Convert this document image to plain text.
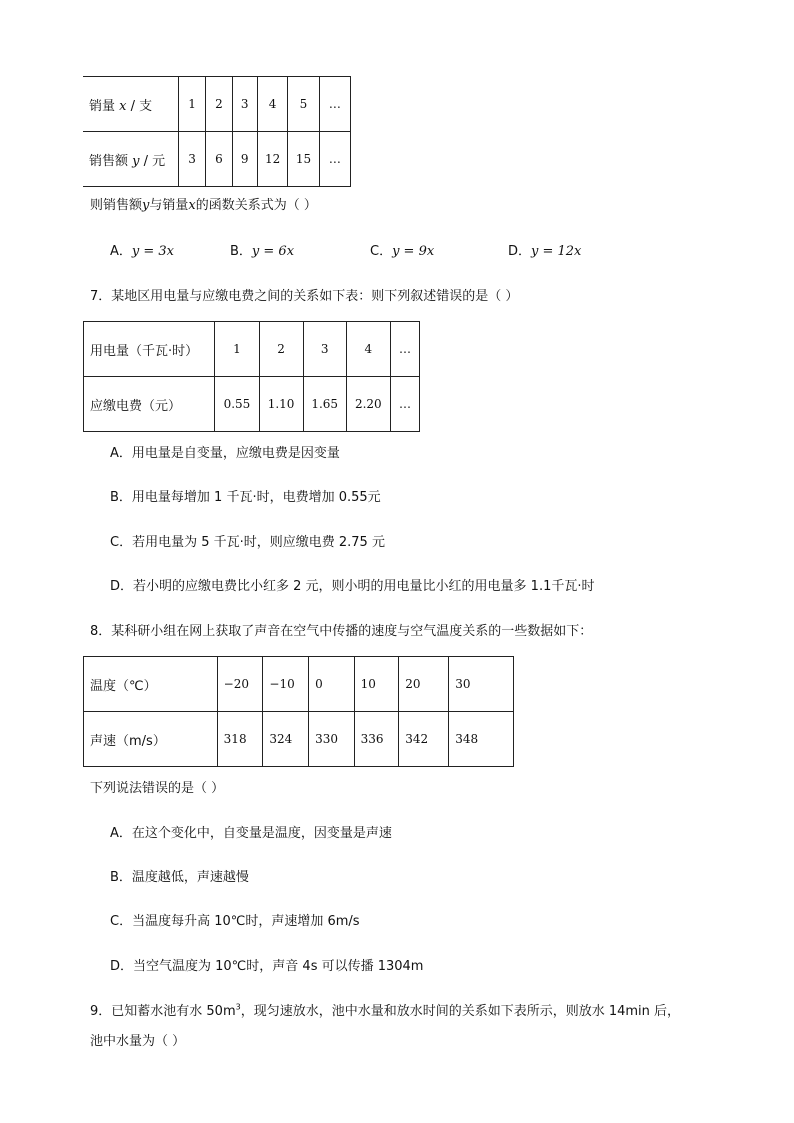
销量 x / 支	1	2	3	4	5	…
销售额 y / 元	3	6	9	12	15	…
则销售额y与销量x的函数关系式为（ ）
A．y = 3x	B．y = 6x	C．y = 9x	D．y = 12x
7．某地区用电量与应缴电费之间的关系如下表：则下列叙述错误的是（ ）
用电量（千瓦·时）	1	2	3	4	…
应缴电费（元）	0.55	1.10	1.65	2.20	…
A．用电量是自变量，应缴电费是因变量
B．用电量每增加 1 千瓦·时，电费增加 0.55元
C．若用电量为 5 千瓦·时，则应缴电费 2.75 元
D．若小明的应缴电费比小红多 2 元，则小明的用电量比小红的用电量多 1.1千瓦·时
8．某科研小组在网上获取了声音在空气中传播的速度与空气温度关系的一些数据如下：
温度（℃）	−20	−10	0	10	20	30
声速（m/s）	318	324	330	336	342	348
下列说法错误的是（ ）
A．在这个变化中，自变量是温度，因变量是声速
B．温度越低，声速越慢
C．当温度每升高 10℃时，声速增加 6m/s
D．当空气温度为 10℃时，声音 4s 可以传播 1304m
9．已知蓄水池有水 $50m^3$，现匀速放水，池中水量和放水时间的关系如下表所示，则放水 14min 后，
池中水量为（ ）
